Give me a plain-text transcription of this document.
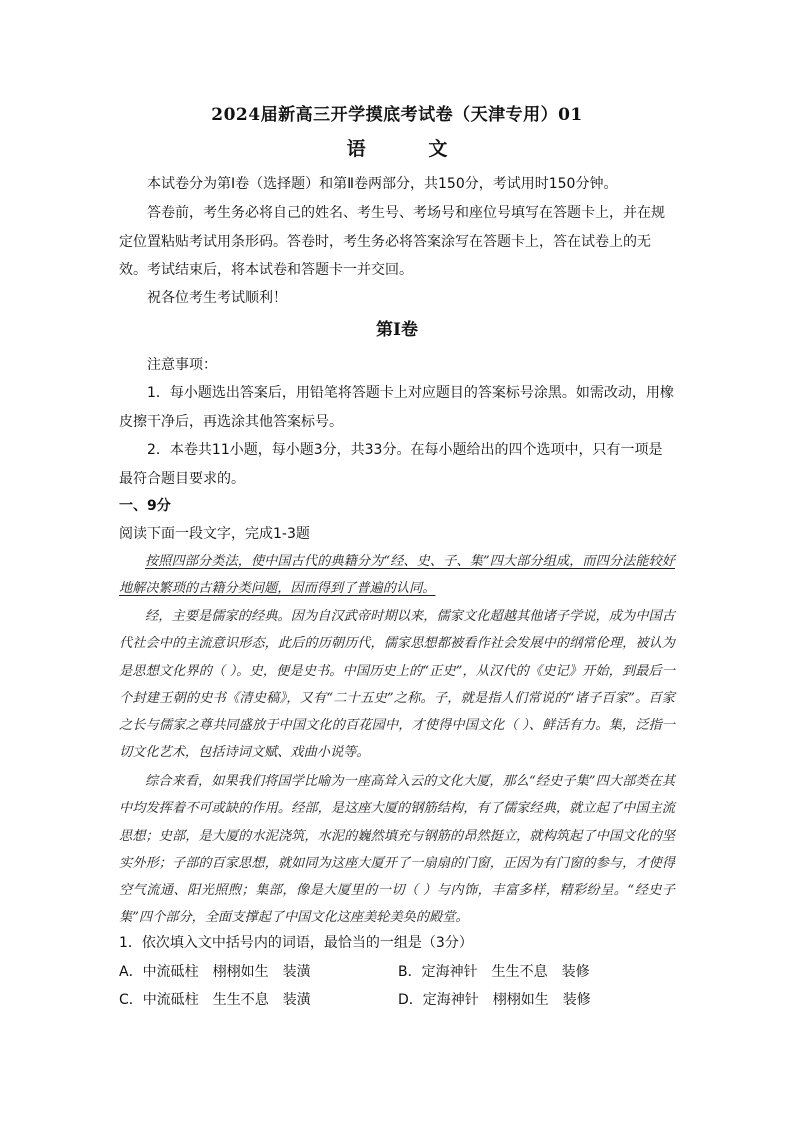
2024届新高三开学摸底考试卷（天津专用）01
语	文

本试卷分为第Ⅰ卷（选择题）和第Ⅱ卷两部分，共150分，考试用时150分钟。

答卷前，考生务必将自己的姓名、考生号、考场号和座位号填写在答题卡上，并在规定位置粘贴考试用条形码。答卷时，考生务必将答案涂写在答题卡上，答在试卷上的无效。考试结束后，将本试卷和答题卡一并交回。

祝各位考生考试顺利！

第Ⅰ卷

注意事项：

1．每小题选出答案后，用铅笔将答题卡上对应题目的答案标号涂黑。如需改动，用橡皮擦干净后，再选涂其他答案标号。

2．本卷共11小题，每小题3分，共33分。在每小题给出的四个选项中，只有一项是最符合题目要求的。

一、9分

阅读下面一段文字，完成1-3题

按照四部分类法，使中国古代的典籍分为“经、史、子、集”四大部分组成，而四分法能较好地解决繁琐的古籍分类问题，因而得到了普遍的认同。

经，主要是儒家的经典。因为自汉武帝时期以来，儒家文化超越其他诸子学说，成为中国古代社会中的主流意识形态，此后的历朝历代，儒家思想都被看作社会发展中的纲常伦理，被认为是思想文化界的（ ）。史，便是史书。中国历史上的“正史”，从汉代的《史记》开始，到最后一个封建王朝的史书《清史稿》，又有“二十五史”之称。子，就是指人们常说的“诸子百家”。百家之长与儒家之尊共同盛放于中国文化的百花园中，才使得中国文化（ ）、鲜活有力。集，泛指一切文化艺术，包括诗词文赋、戏曲小说等。

综合来看，如果我们将国学比喻为一座高耸入云的文化大厦，那么“经史子集”四大部类在其中均发挥着不可或缺的作用。经部，是这座大厦的钢筋结构，有了儒家经典，就立起了中国主流思想；史部，是大厦的水泥浇筑，水泥的巍然填充与钢筋的昂然挺立，就构筑起了中国文化的坚实外形；子部的百家思想，就如同为这座大厦开了一扇扇的门窗，正因为有门窗的参与，才使得空气流通、阳光照煦；集部，像是大厦里的一切（ ）与内饰，丰富多样，精彩纷呈。“经史子集”四个部分，全面支撑起了中国文化这座美轮美奂的殿堂。

1．依次填入文中括号内的词语，最恰当的一组是（3分）

A．中流砥柱　栩栩如生　装潢	B．定海神针　生生不息　装修
C．中流砥柱　生生不息　装潢	D．定海神针　栩栩如生　装修
